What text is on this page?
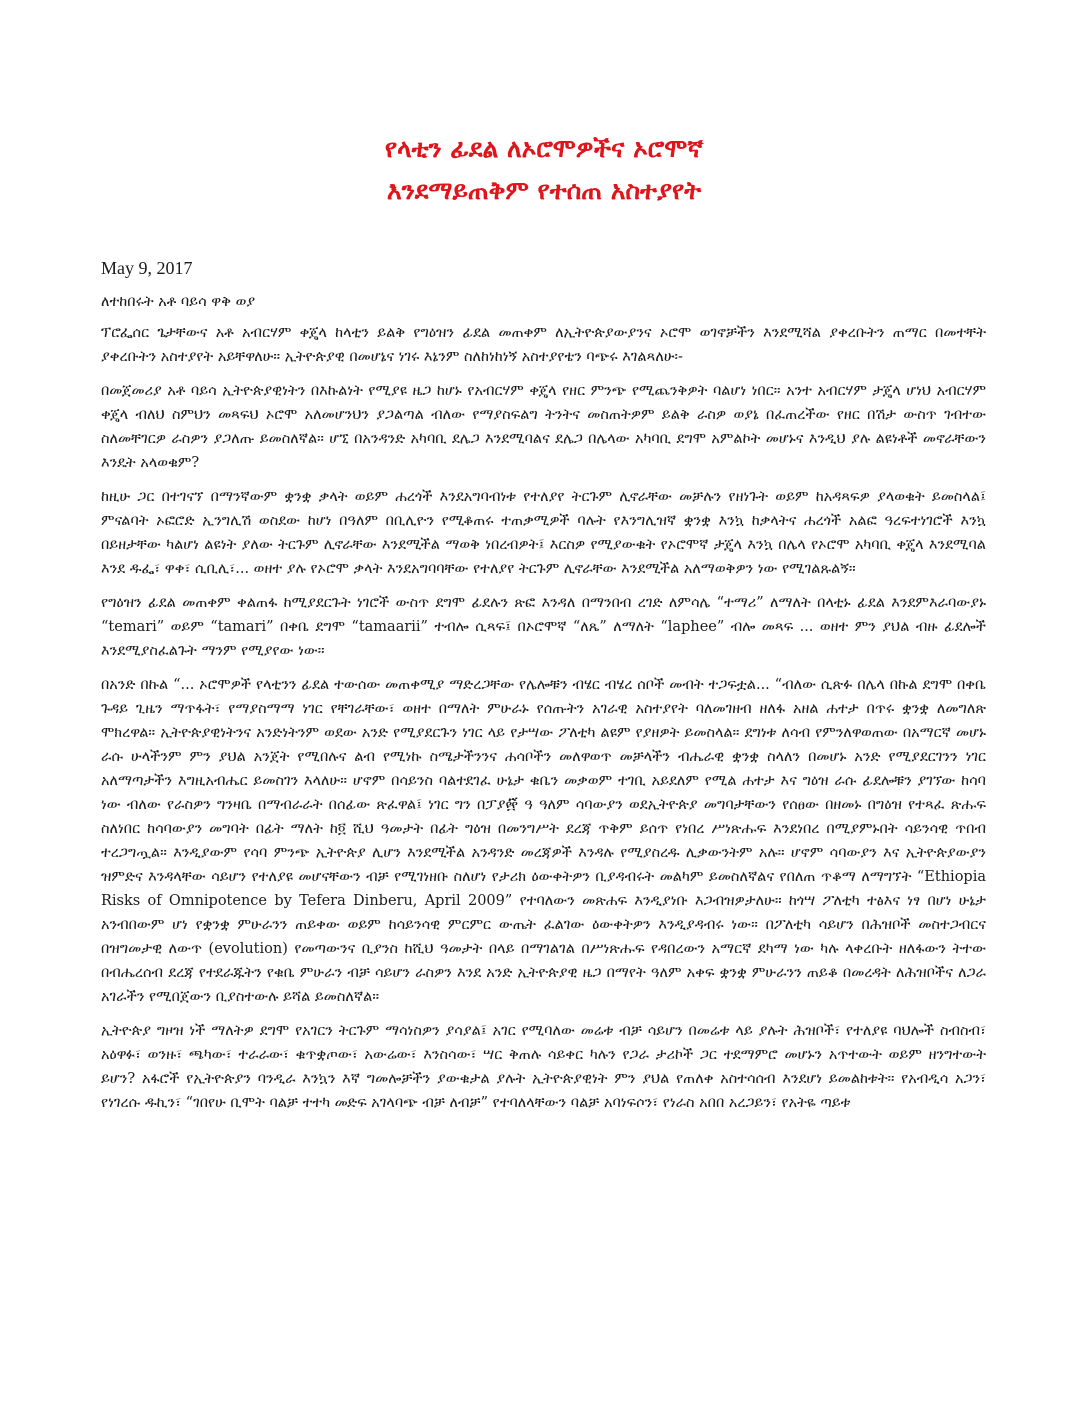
የላቲን ፊደል ለኦሮሞዎችና ኦሮሞኛ
እንደማይጠቅም የተሰጠ አስተያየት

May 9, 2017

ለተከበሩት አቶ ባይሳ ዋቅ ወያ

ፕሮፌሰር ጌታቸውና አቶ አብርሃም ቀጄላ ከላቲን ይልቅ የግዕዝን ፊደል መጠቀም ለኢትዮጵያውያንና ኦሮሞ ወገኖቻችን እንደሚሻል ያቀረቡትን ጠማር በመተቸት ያቀረቡትን አስተያየት አይቸዋለሁ። ኢትዮጵያዊ በመሆኔና ነገሩ እኔንም ስለከነከነኝ አስተያየቴን ባጭሩ እገልጻለሁ፡-

በመጀመሪያ አቶ ባይሳ ኢትዮጵያዊነትን በእኩልነት የሚያዩ ዜጋ ከሆኑ የአብርሃም ቀጄላ የዘር ምንጭ የሚጨንቅዎት ባልሆነ ነበር። አንተ አብርሃም ታጄላ ሆነህ አብርሃም ቀጄላ ብለህ ስምህን መጻፍህ ኦሮሞ አለመሆንህን ያጋልጣል ብለው የማያስፍልግ ትንትና መስጠትዎም ይልቅ ራስዎ ወያኔ በፈጠረችው የዘር በሽታ ውስጥ ገብተው ስለመቸገርዎ ራስዎን ያጋለጡ ይመስለኛል። ሆኚ በአንዳንድ አካባቢ ደሌጋ እንደሚባልና ደሌጋ በሌላው አካባቢ ደግሞ አምልኮት መሆኑና እንዲህ ያሉ ልዩነቶች መኖራቸውን እንዴት አላወቁም?

ከዚሁ ጋር በተገናኘ በማንኛውም ቋንቋ ቃላት ወይም ሐረጎች እንደአግባብነቱ የተለያየ ትርጉም ሊኖራቸው መቻሉን የዘነጉት ወይም ከአዳጻፍዎ ያላወቁት ይመስላል፤ ምናልባት ኦፎሮድ ኢንግሊሽ ወስደው ከሆነ በዓለም በቢሊዮን የሚቆጠሩ ተጠቃሚዎች ባሉት የእንግሊዝኛ ቋንቋ እንኳ ከቃላትና ሐረጎች አልፎ ዓረፍተነገሮች እንኳ በይዘታቸው ካልሆነ ልዩነት ያለው ትርጉም ሊኖራቸው እንደሚችል ማወቅ ነበረብዎት፤ እርስዎ የሚያውቁት የኦሮሞኛ ታጄላ እንኳ በሌላ የኦሮሞ አካባቢ ቀጄላ እንደሚባል እንደ ዱፌ፣ ዋቀ፣ ሲቢሊ፣... ወዘተ ያሉ የኦሮሞ ቃላት እንደአግባባቸው የተለያየ ትርጉም ሊኖራቸው እንደሚችል አለማወቅዎን ነው የሚገልጹልኝ።

የግዕዝን ፊደል መጠቀም ቀልጠፋ ከሚያደርጉት ነገሮች ውስጥ ደግሞ ፊደሉን ጽፎ እንዳለ በማንበብ ረገድ ለምሳሌ “ተማሪ” ለማለት በላቲኑ ፊደል እንደምእራባውያኑ “temari” ወይም “tamari” በቀቤ ደግሞ “tamaarii” ተብሎ ሲጻፍ፤ በኦሮሞኛ “ለጼ” ለማለት “laphee” ብሎ መጻፍ ... ወዘተ ምን ያህል ብዙ ፊደሎች እንደሚያስፈልጉት ማንም የሚያየው ነው።

በአንድ በኩል “... ኦሮሞዎች የላቲንን ፊደል ተውሰው መጠቀሚያ ማድረጋቸው የሌሎቹን ብሄር ብሄረ ሰቦች መብት ተጋፍቷል... “ብለው ሲጽፉ በሌላ በኩል ደግሞ በቀቤ ጉዳይ ጊዜን ማጥፋት፣ የማያስማማ ነገር የቸገራቸው፣ ወዘተ በማለት ምሁራኑ የሰጡትን አገራዊ አስተያየት ባለመገዘብ ዘለፋ አዘል ሐተታ በጥሩ ቋንቋ ለመግለጽ ሞክረዋል። ኢትዮጵያዊነትንና አንድነትንም ወደው አንድ የሚያደርጉን ነገር ላይ የታሣው ፖለቲካ ልዩም የያዘዎት ይመስላል። ደግነቱ ለሳብ የምንለዋወጠው በአማርኛ መሆኑ ራሱ ሁላችንም ምን ያህል አንጀት የሚበሉና ልብ የሚነኩ ስሜታችንንና ሐሳቦችን መለዋወጥ መቻላችን ብሔራዊ ቋንቋ ስላለን በመሆኑ አንድ የሚያደርገንን ነገር አለማጣታችን እግዚአብሔር ይመስገን እላለሁ። ሆኖም በሳይንስ ባልተደገፈ ሁኔታ ቁቤን መቃወም ተገቢ አይደለም የሚል ሐተታ እና ግዕዝ ራሱ ፊደሎቹን ያገኘው ከሳባ ነው ብለው የራስዎን ግንዛቤ በማብራራት በሰፊው ጽፈዋል፤ ነገር ግን በፓያ፼፝ ዓ ዓለም ሳባውያን ወደኢትዮጵያ መግባታቸውን የሰፀው በዘመኑ በግዕዝ የተጻፈ ጽሑፍ ስለነበር ከሳባውያን መግባት በፊት ማለት ከ፬ ሺህ ዓመታት በፊት ግዕዝ በመንግሥት ደረጃ ጥቅም ይሰጥ የነበረ ሥነጽሑፍ እንደነበረ በሚያምኑበት ሳይንሳዊ ጥበብ ተረጋግጧል። እንዲያውም የሳባ ምንጭ ኢትዮጵያ ሊሆን እንደሚችል አንዳንድ መረጃዎች እንዳሉ የሚያስረዱ ሊቃውንትም አሉ። ሆኖም ሳባውያን እና ኢትዮጵያውያን ዝምድና እንዳላቸው ሳይሆን የተለያዩ መሆናቸውን ብቻ የሚገነዘቡ ስለሆነ የታሪክ ዕውቀትዎን ቢያዳብሩት መልካም ይመስለኛልና የበለጠ ጥቆማ ለማግኘት “Ethiopia Risks of Omnipotence by Tefera Dinberu, April 2009” የተባለውን መጽሐፍ እንዲያነቡ እጋብዝዎታለሁ። ከጎሣ ፖለቲካ ተፅእና ነፃ በሆነ ሁኔታ አንብበውም ሆነ የቋንቋ ምሁራንን ጠይቀው ወይም ከሳይንሳዊ ምርምር ውጤት ፈልገው ዕውቀትዎን እንዲያዳብሩ ነው። በፖለቲካ ሳይሆን በሕዝቦች መስተጋብርና በዝግመታዊ ለውጥ (evolution) የመጣውንና ቢያንስ ከሺህ ዓመታት በላይ በማገልገል በሥነጽሑፍ የዳበረውን አማርኛ ደካማ ነው ካሉ ላቀረቡት ዘለፋውን ትተው በብሔረሰብ ደረጃ የተደራጁትን የቁቤ ምሁራን ብቻ ሳይሆን ራስዎን እንደ አንድ ኢትዮጵያዊ ዜጋ በማየት ዓለም አቀፍ ቋንቋ ምሁራንን ጠይቆ በመረዳት ለሕዝቦችና ለጋራ አገራችን የሚበጀውን ቢያስተውሉ ይሻል ይመስለኛል።

ኢትዮጵያ ግዞዝ ነች ማለትዎ ደግሞ የአገርን ትርጉም ማሳነስዎን ያሳያል፤ አገር የሚባለው መሬቱ ብቻ ሳይሆን በመሬቱ ላይ ያሉት ሕዝቦች፣ የተለያዩ ባህሎች ስብስብ፣ አዕዋፉ፣ ወንዙ፣ ጫካው፣ ተራራው፣ ቁጥቋጦው፣ አውሬው፣ እንስሳው፣ ሣር ቅጠሉ ሳይቀር ካሉን የጋራ ታሪኮች ጋር ተደማምሮ መሆኑን አጥተውት ወይም ዘንግተውት ይሆን? አፋሮች የኢትዮጵያን ባንዲራ እንኳን እኛ ግመሎቻችን ያውቁታል ያሉት ኢትዮጵያዊነት ምን ያህል የጠለቀ አስተሳሰብ እንደሆነ ይመልከቱት። የአብዲሳ አጋን፣ የነገረሱ ዱኪን፣ “ገበየሁ ቢሞት ባልቻ ተተካ መድፍ አገላባጭ ብቻ ለብቻ” የተባለላቸውን ባልቻ አባነፍሶን፣ የነራስ አበበ አረጋይን፣ የአትዬ ጣይቱ
